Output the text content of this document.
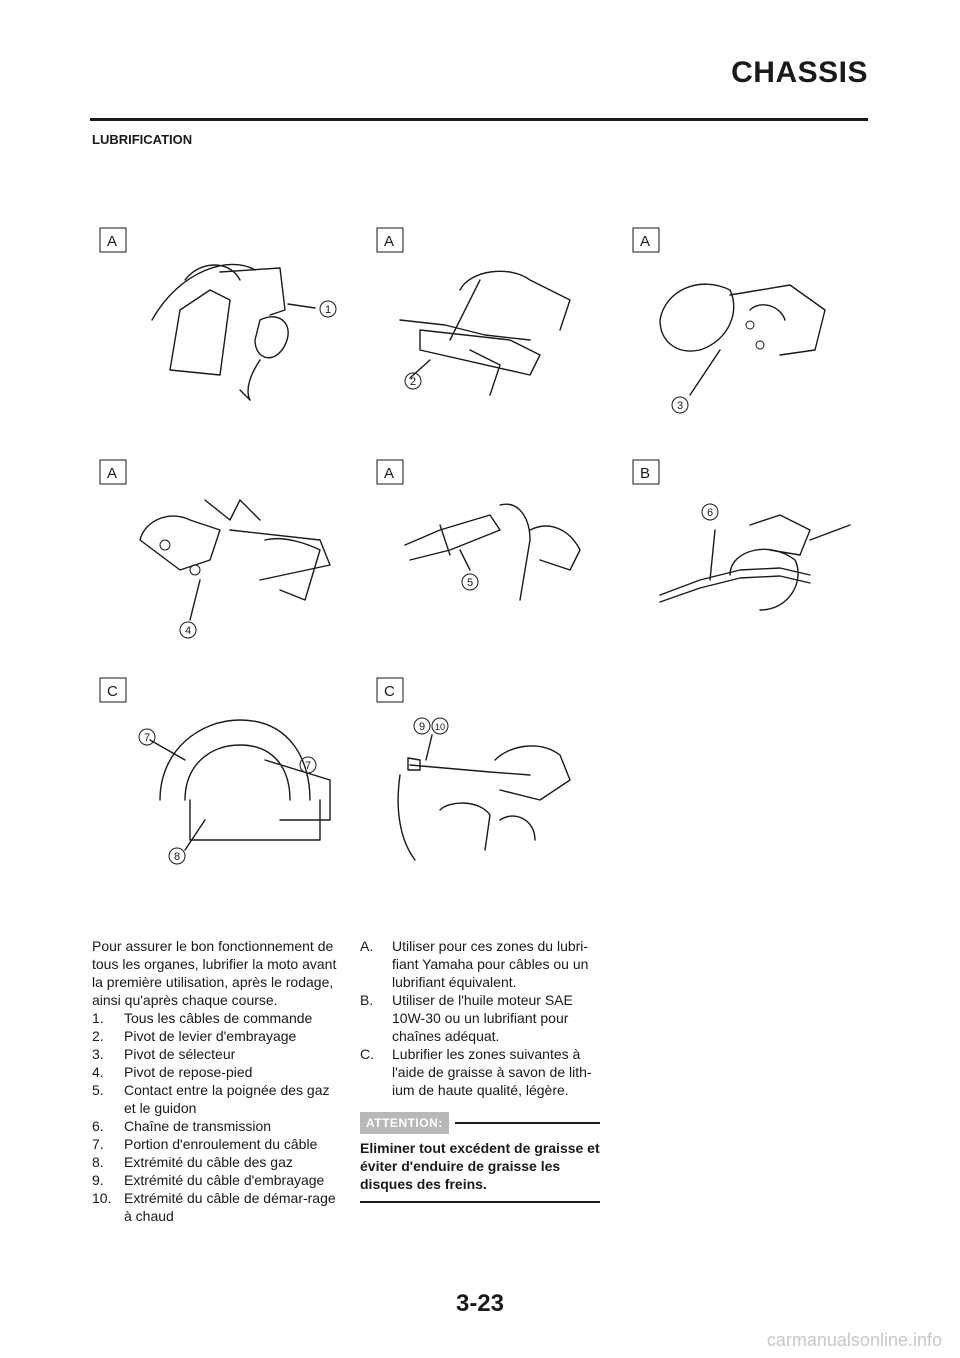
CHASSIS
LUBRIFICATION
A	A	A
A	A	B
C	C
1
2
3
4
5
6
7
7
8
9 10

Pour assurer le bon fonctionnement de tous les organes, lubrifier la moto avant la première utilisation, après le rodage, ainsi qu'après chaque course.

1.	Tous les câbles de commande
2.	Pivot de levier d'embrayage
3.	Pivot de sélecteur
4.	Pivot de repose-pied
5.	Contact entre la poignée des gaz et le guidon
6.	Chaîne de transmission
7.	Portion d'enroulement du câble
8.	Extrémité du câble des gaz
9.	Extrémité du câble d'embrayage
10. Extrémité du câble de démar-rage à chaud
A.	Utiliser pour ces zones du lubri-fiant Yamaha pour câbles ou un lubrifiant équivalent.
B.	Utiliser de l'huile moteur SAE 10W-30 ou un lubrifiant pour chaînes adéquat.
C.	Lubrifier les zones suivantes à l'aide de graisse à savon de lith-ium de haute qualité, légère.
ATTENTION:

Eliminer tout excédent de graisse et éviter d'enduire de graisse les disques des freins.

3-23
carmanualsonline.info
